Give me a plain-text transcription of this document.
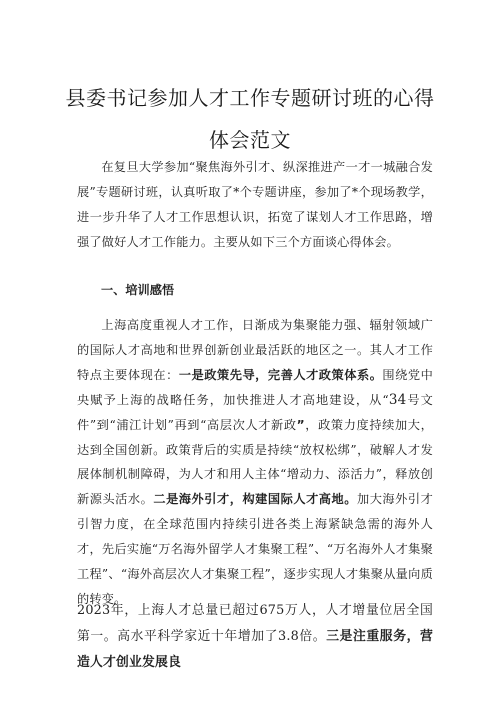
县委书记参加人才工作专题研讨班的心得
体会范文

在复旦大学参加“聚焦海外引才、纵深推进产一才一城融合发展”专题研讨班，认真听取了*个专题讲座，参加了*个现场教学，进一步升华了人才工作思想认识，拓宽了谋划人才工作思路，增强了做好人才工作能力。主要从如下三个方面谈心得体会。

一、培训感悟

上海高度重视人才工作，日渐成为集聚能力强、辐射领域广的国际人才高地和世界创新创业最活跃的地区之一。其人才工作特点主要体现在：一是政策先导，完善人才政策体系。围绕党中央赋予上海的战略任务，加快推进人才高地建设，从“34号文件”到“浦江计划”再到“高层次人才新政”，政策力度持续加大，达到全国创新。政策背后的实质是持续“放权松绑”，破解人才发展体制机制障碍，为人才和用人主体“增动力、添活力”，释放创新源头活水。二是海外引才，构建国际人才高地。加大海外引才引智力度，在全球范围内持续引进各类上海紧缺急需的海外人才，先后实施“万名海外留学人才集聚工程”、“万名海外人才集聚工程”、“海外高层次人才集聚工程”，逐步实现人才集聚从量向质的转变。

2023年，上海人才总量已超过675万人，人才增量位居全国第一。高水平科学家近十年增加了3.8倍。三是注重服务，营造人才创业发展良
